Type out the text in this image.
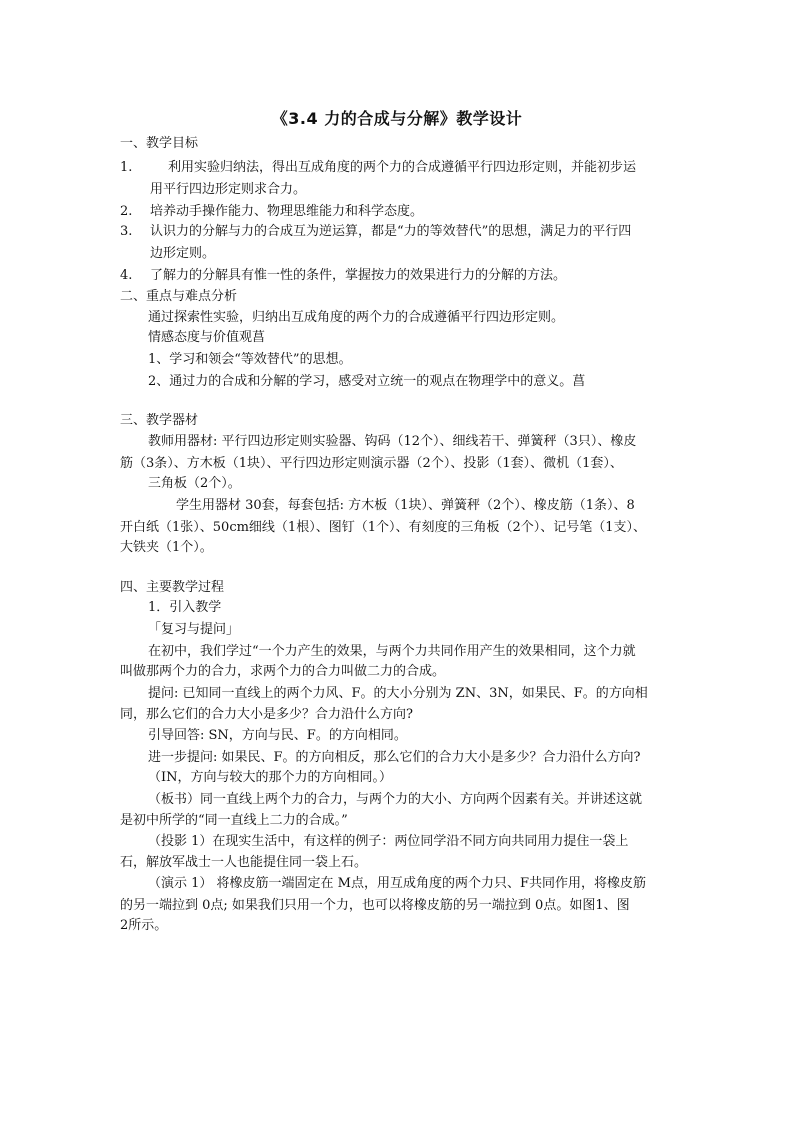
《3.4 力的合成与分解》教学设计
一、教学目标
1.	利用实验归纳法，得出互成角度的两个力的合成遵循平行四边形定则，并能初步运
用平行四边形定则求合力。
2. 培养动手操作能力、物理思维能力和科学态度。
3. 认识力的分解与力的合成互为逆运算，都是“力的等效替代”的思想，满足力的平行四
边形定则。
4. 了解力的分解具有惟一性的条件，掌握按力的效果进行力的分解的方法。
二、重点与难点分析
通过探索性实验，归纳出互成角度的两个力的合成遵循平行四边形定则。
情感态度与价值观菖
1、学习和领会“等效替代”的思想。
2、通过力的合成和分解的学习，感受对立统一的观点在物理学中的意义。菖
三、教学器材
教师用器材: 平行四边形定则实验器、钩码（12个）、细线若干、弹簧秤（3只）、橡皮
筋（3条）、方木板（1块）、平行四边形定则演示器（2个）、投影（1套）、微机（1套）、
三角板（2个）。
学生用器材 30套，每套包括: 方木板（1块）、弹簧秤（2个）、橡皮筋（1条）、8
开白纸（1张）、50cm细线（1根）、图钉（1个）、有刻度的三角板（2个）、记号笔（1支）、
大铁夹（1个）。
四、主要教学过程
1．引入教学
「复习与提问」
在初中，我们学过“一个力产生的效果，与两个力共同作用产生的效果相同，这个力就
叫做那两个力的合力，求两个力的合力叫做二力的合成。
提问: 已知同一直线上的两个力风、F。的大小分别为 ZN、3N，如果民、F。的方向相
同，那么它们的合力大小是多少？合力沿什么方向?
引导回答: SN，方向与民、F。的方向相同。
进一步提问: 如果民、F。的方向相反，那么它们的合力大小是多少？合力沿什么方向?
（IN，方向与较大的那个力的方向相同。）
（板书）同一直线上两个力的合力，与两个力的大小、方向两个因素有关。并讲述这就
是初中所学的“同一直线上二力的合成。”
（投影 1）在现实生活中，有这样的例子：两位同学沿不同方向共同用力提住一袋上
石，解放军战士一人也能提住同一袋上石。
（演示 1） 将橡皮筋一端固定在 M点，用互成角度的两个力只、F共同作用，将橡皮筋
的另一端拉到 0点; 如果我们只用一个力，也可以将橡皮筋的另一端拉到 0点。如图1、图
2所示。
